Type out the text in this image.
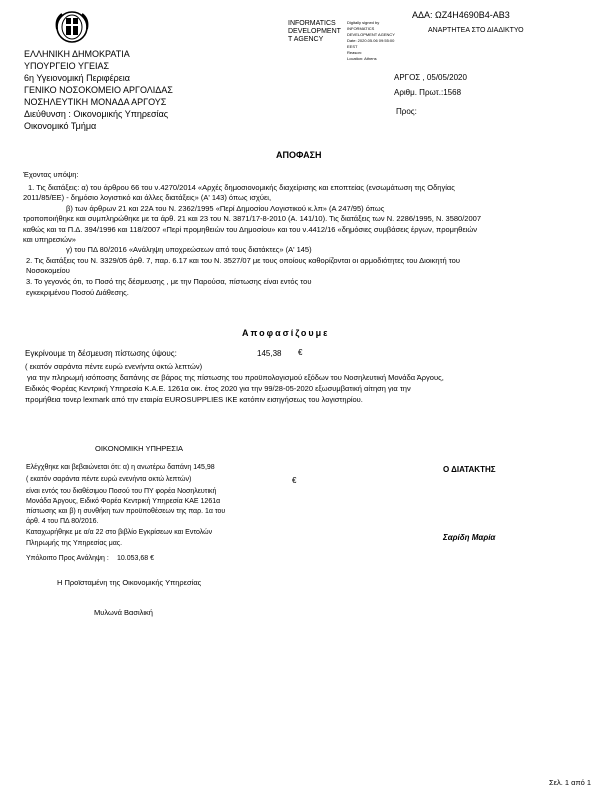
ΑΔΑ: ΩΖ4Η4690Β4-ΑΒ3
ΑΝΑΡΤΗΤΕΑ ΣΤΟ ΔΙΑΔΙΚΤΥΟ
INFORMATICS
DEVELOPMENT
T AGENCY
Digitally signed by
INFORMATICS
DEVELOPMENT AGENCY
Date: 2020.05.06 09:55:00
EEST
Reason:
Location: Athens
ΕΛΛΗΝΙΚΗ ΔΗΜΟΚΡΑΤΙΑ
ΥΠΟΥΡΓΕΙΟ ΥΓΕΙΑΣ
6η Υγειονομική Περιφέρεια
ΓΕΝΙΚΟ ΝΟΣΟΚΟΜΕΙΟ ΑΡΓΟΛΙΔΑΣ
ΝΟΣΗΛΕΥΤΙΚΗ ΜΟΝΑΔΑ ΑΡΓΟΥΣ
Διεύθυνση : Οικονομικής Υπηρεσίας
Οικονομικό Τμήμα
ΑΡΓΟΣ , 05/05/2020
Αριθμ. Πρωτ.:1568
Προς:
ΑΠΟΦΑΣΗ
Έχοντας υπόψη:
1. Τις διατάξεις: α) του άρθρου 66 του ν.4270/2014 «Αρχές δημοσιονομικής διαχείρισης και εποπτείας (ενσωμάτωση της Οδηγίας
2011/85/ΕΕ) - δημόσιο λογιστικό και άλλες διατάξεις» (Α' 143) όπως ισχύει,
β) των άρθρων 21 και 22Α του Ν. 2362/1995 «Περί Δημοσίου Λογιστικού κ.λπ» (Α 247/95) όπως
τροποποιήθηκε και συμπληρώθηκε με τα άρθ. 21 και 23 του Ν. 3871/17-8-2010 (Α. 141/10). Τις διατάξεις των Ν. 2286/1995, Ν. 3580/2007
καθώς και τα Π.Δ. 394/1996 και 118/2007 «Περί προμηθειών του Δημοσίου» και του ν.4412/16 «δημόσιες συμβάσεις έργων, προμηθειών
και υπηρεσιών»
γ) του ΠΔ 80/2016 «Ανάληψη υποχρεώσεων από τους διατάκτες» (Α' 145)
2. Τις διατάξεις του Ν. 3329/05 άρθ. 7, παρ. 6.17 και του Ν. 3527/07 με τους οποίους καθορίζονται οι αρμοδιότητες του Διοικητή του
Νοσοκομείου
3. Το γεγονός ότι, το Ποσό της δέσμευσης , με την Παρούσα, πίστωσης είναι εντός του
εγκεκριμένου Ποσού Διάθεσης.
Αποφασίζουμε
Εγκρίνουμε τη δέσμευση πίστωσης ύψους:	145,38 €
( εκατόν σαράντα πέντε ευρώ ενενήντα οκτώ λεπτών)
για την πληρωμή ισόποσης δαπάνης σε βάρος της πίστωσης του προϋπολογισμού εξόδων του Νοσηλευτική Μονάδα Άργους,
Ειδικός Φορέας Κεντρική Υπηρεσία Κ.Α.Ε. 1261α οικ. έτος 2020 για την 99/28-05-2020 εξωσυμβατική αίτηση για την
προμήθεια τονερ lexmark από την εταιρία EUROSUPPLIES IKE κατόπιν εισηγήσεως του λογιστηρίου.
ΟΙΚΟΝΟΜΙΚΗ ΥΠΗΡΕΣΙΑ
Ελέγχθηκε και βεβαιώνεται ότι: α) η ανωτέρω δαπάνη 145,98
( εκατόν σαράντα πέντε ευρώ ενενήντα οκτώ λεπτών)	€
είναι εντός του διαθέσιμου Ποσού του ΠΥ φορέα Νοσηλευτική
Μονάδα Άργους, Ειδικό Φορέα Κεντρική Υπηρεσία ΚΑΕ 1261α
πίστωσης και β) η συνθήκη των προϋποθέσεων της παρ. 1α του
άρθ. 4 του ΠΔ 80/2016.
Καταχωρήθηκε με α/α 22 στο βιβλίο Εγκρίσεων και Εντολών
Πληρωμής της Υπηρεσίας μας.
Υπόλοιπο Προς Ανάληψη : 10.053,68 €
Η Προϊσταμένη της Οικονομικής Υπηρεσίας
Μυλωνά Βασιλική
Ο ΔΙΑΤΑΚΤΗΣ
Σαρίδη Μαρία
Σελ. 1 από 1
